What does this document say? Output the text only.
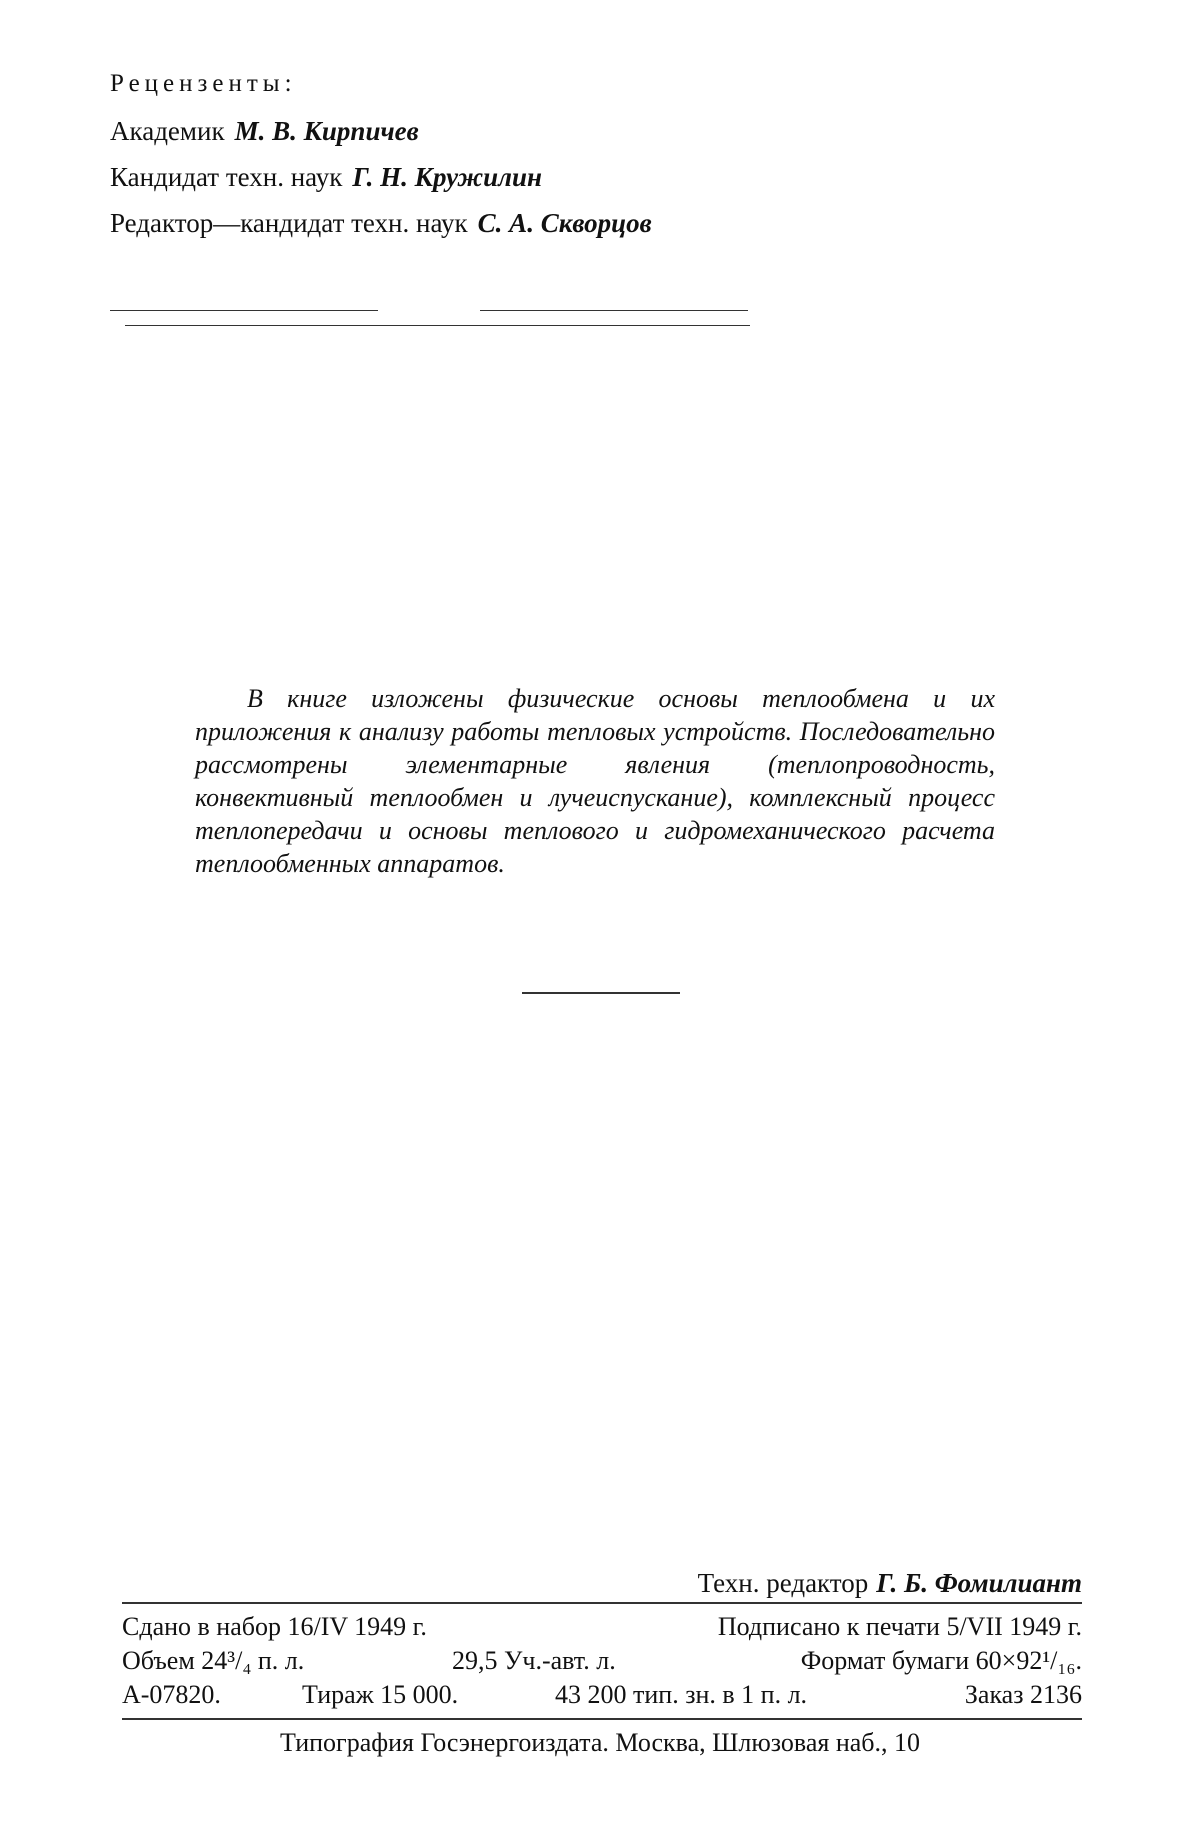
Рецензенты:
Академик М. В. Кирпичев
Кандидат техн. наук Г. Н. Кружилин
Редактор—кандидат техн. наук С. А. Скворцов
В книге изложены физические основы теплообмена и их приложения к анализу работы тепловых устройств. Последовательно рассмотрены элементарные явления (теплопроводность, конвективный теплообмен и лучеиспускание), комплексный процесс теплопередачи и основы теплового и гидромеханического расчета теплообменных аппаратов.
Техн. редактор Г. Б. Фомилиант
Сдано в набор 16/IV 1949 г.	Подписано к печати 5/VII 1949 г.
Объем 24³/₄ п. л.	29,5 Уч.-авт. л.	Формат бумаги 60×92¹/₁₆.
А-07820.	Тираж 15 000.	43 200 тип. зн. в 1 п. л.	Заказ 2136
Типография Госэнергоиздата. Москва, Шлюзовая наб., 10
